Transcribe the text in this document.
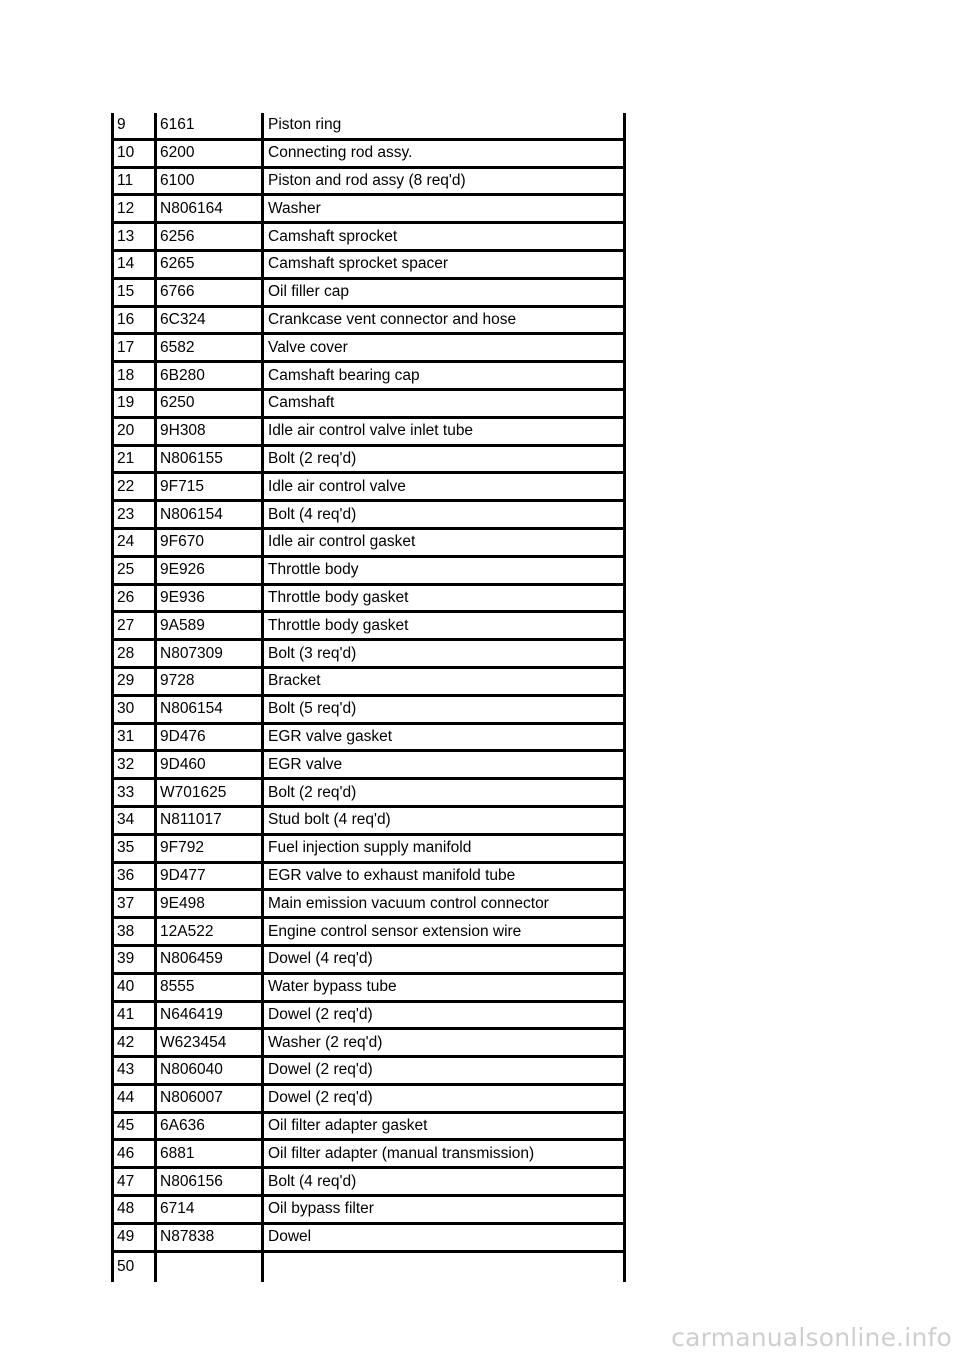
9	6161	Piston ring
10	6200	Connecting rod assy.
11	6100	Piston and rod assy (8 req'd)
12	N806164	Washer
13	6256	Camshaft sprocket
14	6265	Camshaft sprocket spacer
15	6766	Oil filler cap
16	6C324	Crankcase vent connector and hose
17	6582	Valve cover
18	6B280	Camshaft bearing cap
19	6250	Camshaft
20	9H308	Idle air control valve inlet tube
21	N806155	Bolt (2 req'd)
22	9F715	Idle air control valve
23	N806154	Bolt (4 req'd)
24	9F670	Idle air control gasket
25	9E926	Throttle body
26	9E936	Throttle body gasket
27	9A589	Throttle body gasket
28	N807309	Bolt (3 req'd)
29	9728	Bracket
30	N806154	Bolt (5 req'd)
31	9D476	EGR valve gasket
32	9D460	EGR valve
33	W701625	Bolt (2 req'd)
34	N811017	Stud bolt (4 req'd)
35	9F792	Fuel injection supply manifold
36	9D477	EGR valve to exhaust manifold tube
37	9E498	Main emission vacuum control connector
38	12A522	Engine control sensor extension wire
39	N806459	Dowel (4 req'd)
40	8555	Water bypass tube
41	N646419	Dowel (2 req'd)
42	W623454	Washer (2 req'd)
43	N806040	Dowel (2 req'd)
44	N806007	Dowel (2 req'd)
45	6A636	Oil filter adapter gasket
46	6881	Oil filter adapter (manual transmission)
47	N806156	Bolt (4 req'd)
48	6714	Oil bypass filter
49	N87838	Dowel
50
carmanualsonline.info
